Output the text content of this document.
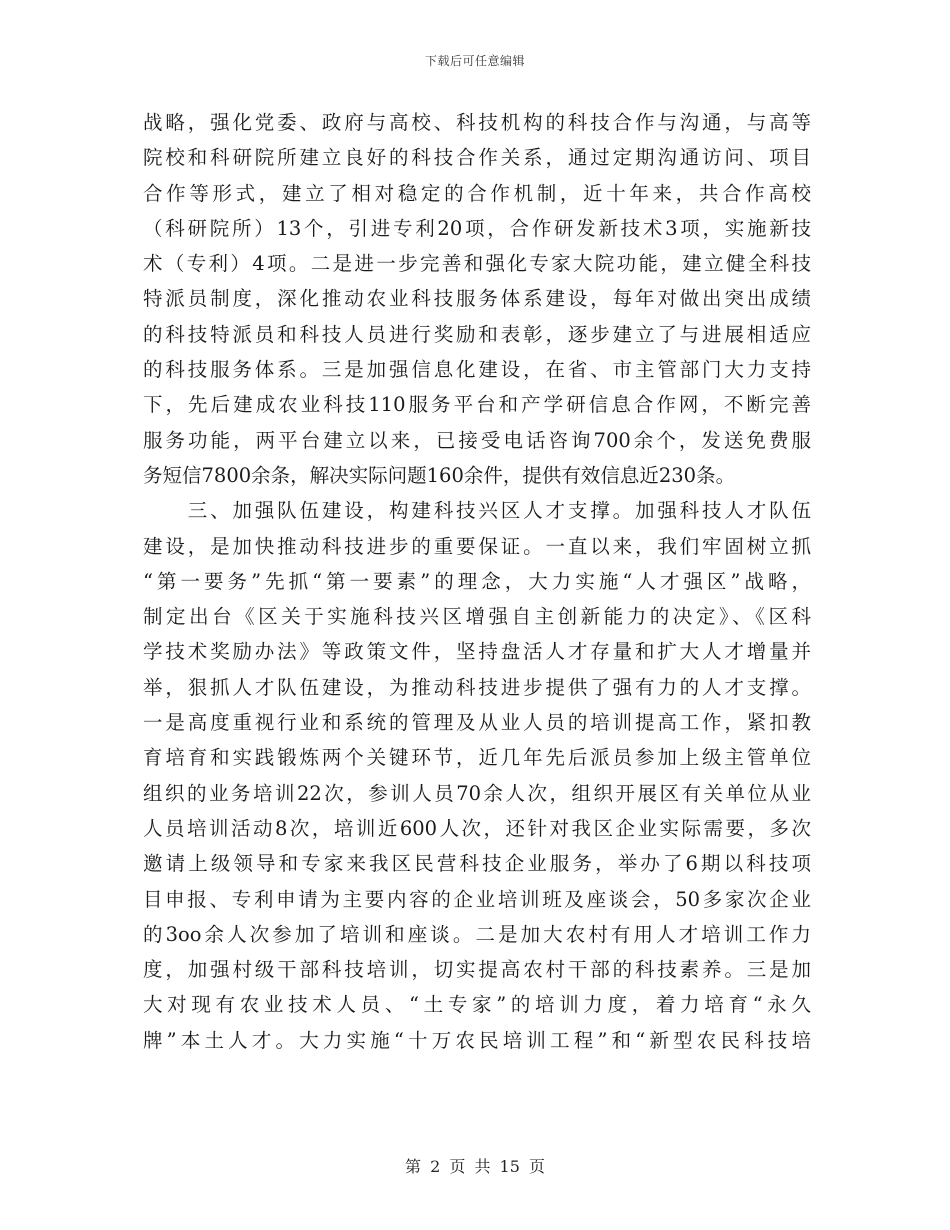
下载后可任意编辑
战略，强化党委、政府与高校、科技机构的科技合作与沟通，与高等
院校和科研院所建立良好的科技合作关系，通过定期沟通访问、项目
合作等形式，建立了相对稳定的合作机制，近十年来，共合作高校
（科研院所）13个，引进专利20项，合作研发新技术3项，实施新技
术（专利）4项。二是进一步完善和强化专家大院功能，建立健全科技
特派员制度，深化推动农业科技服务体系建设，每年对做出突出成绩
的科技特派员和科技人员进行奖励和表彰，逐步建立了与进展相适应
的科技服务体系。三是加强信息化建设，在省、市主管部门大力支持
下，先后建成农业科技110服务平台和产学研信息合作网，不断完善
服务功能，两平台建立以来，已接受电话咨询700余个，发送免费服
务短信7800余条，解决实际问题160余件，提供有效信息近230条。
　　三、加强队伍建设，构建科技兴区人才支撑。加强科技人才队伍
建设，是加快推动科技进步的重要保证。一直以来，我们牢固树立抓
“第一要务”先抓“第一要素”的理念，大力实施“人才强区”战略，
制定出台《区关于实施科技兴区增强自主创新能力的决定》、《区科
学技术奖励办法》等政策文件，坚持盘活人才存量和扩大人才增量并
举，狠抓人才队伍建设，为推动科技进步提供了强有力的人才支撑。
一是高度重视行业和系统的管理及从业人员的培训提高工作，紧扣教
育培育和实践锻炼两个关键环节，近几年先后派员参加上级主管单位
组织的业务培训22次，参训人员70余人次，组织开展区有关单位从业
人员培训活动8次，培训近600人次，还针对我区企业实际需要，多次
邀请上级领导和专家来我区民营科技企业服务，举办了6期以科技项
目申报、专利申请为主要内容的企业培训班及座谈会，50多家次企业
的3oo余人次参加了培训和座谈。二是加大农村有用人才培训工作力
度，加强村级干部科技培训，切实提高农村干部的科技素养。三是加
大对现有农业技术人员、“土专家”的培训力度，着力培育“永久
牌”本土人才。大力实施“十万农民培训工程”和“新型农民科技培
第 2 页 共 15 页
